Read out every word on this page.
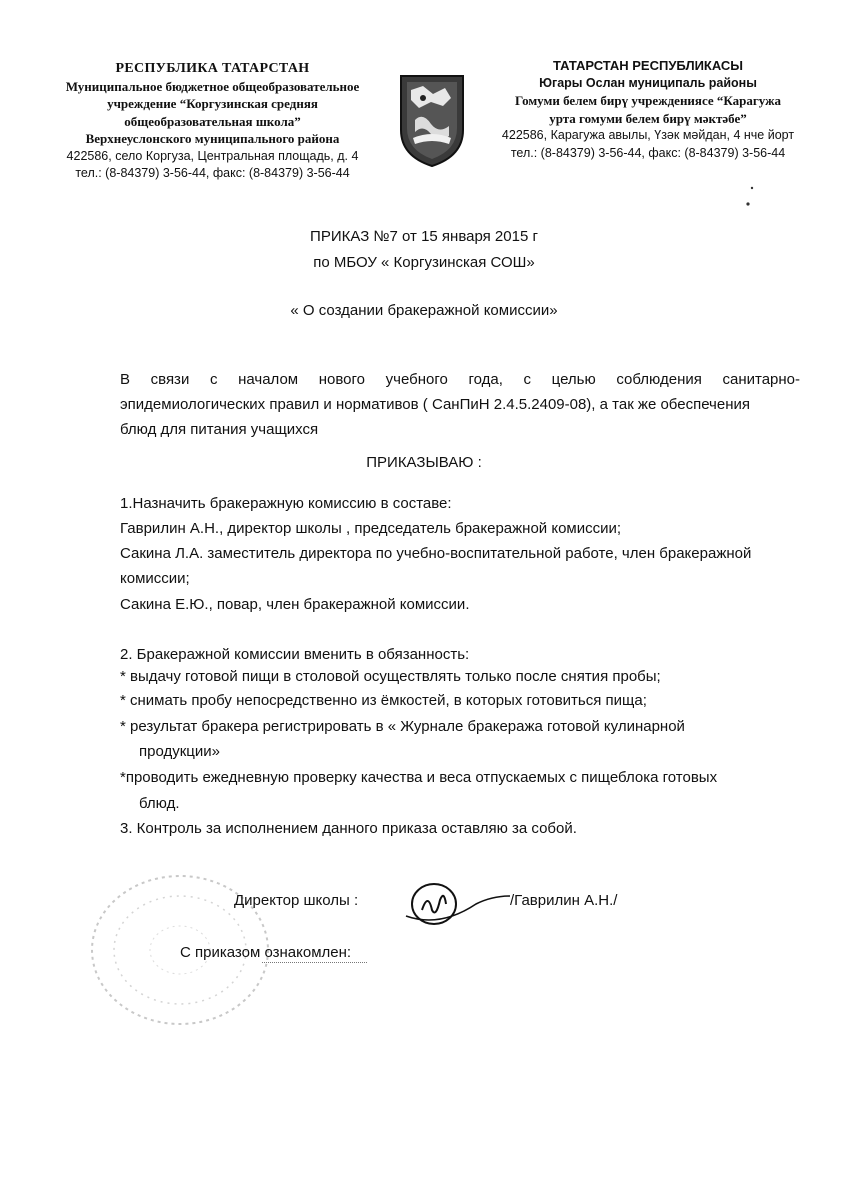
РЕСПУБЛИКА ТАТАРСТАН
Муниципальное бюджетное общеобразовательное
учреждение “Коргузинская средняя
общеобразовательная школа”
Верхнеуслонского муниципального района
422586, село Коргуза, Центральная площадь, д. 4
тел.: (8-84379) 3-56-44, факс: (8-84379) 3-56-44
ТАТАРСТАН РЕСПУБЛИКАСЫ
Югары Ослан муниципаль районы
Гомуми белем бирү учреждениясе “Карагужа
урта гомуми белем бирү мәктәбе”
422586, Карагужа авылы, Үзәк мәйдан, 4 нче йорт
тел.: (8-84379) 3-56-44, факс: (8-84379) 3-56-44
ПРИКАЗ №7 от 15 января 2015 г
по МБОУ « Коргузинская СОШ»
« О создании бракеражной комиссии»
В связи с началом нового учебного года, с целью соблюдения санитарно-
эпидемиологических правил и нормативов ( СанПиН 2.4.5.2409-08), а так же обеспечения
блюд для питания учащихся
ПРИКАЗЫВАЮ :
1.Назначить бракеражную комиссию в составе:
Гаврилин А.Н., директор школы , председатель бракеражной комиссии;
Сакина Л.А. заместитель директора по учебно-воспитательной работе, член бракеражной
комиссии;
Сакина Е.Ю., повар, член бракеражной комиссии.
2. Бракеражной комиссии вменить в обязанность:
* выдачу готовой пищи в столовой осуществлять только после снятия пробы;
* снимать пробу непосредственно из ёмкостей, в которых готовиться пища;
* результат бракера регистрировать в « Журнале бракеража готовой кулинарной
продукции»
*проводить ежедневную проверку качества и веса отпускаемых с пищеблока готовых
блюд.
3. Контроль за исполнением данного приказа оставляю за собой.
Директор школы :	/Гаврилин А.Н./
С приказом ознакомлен:
